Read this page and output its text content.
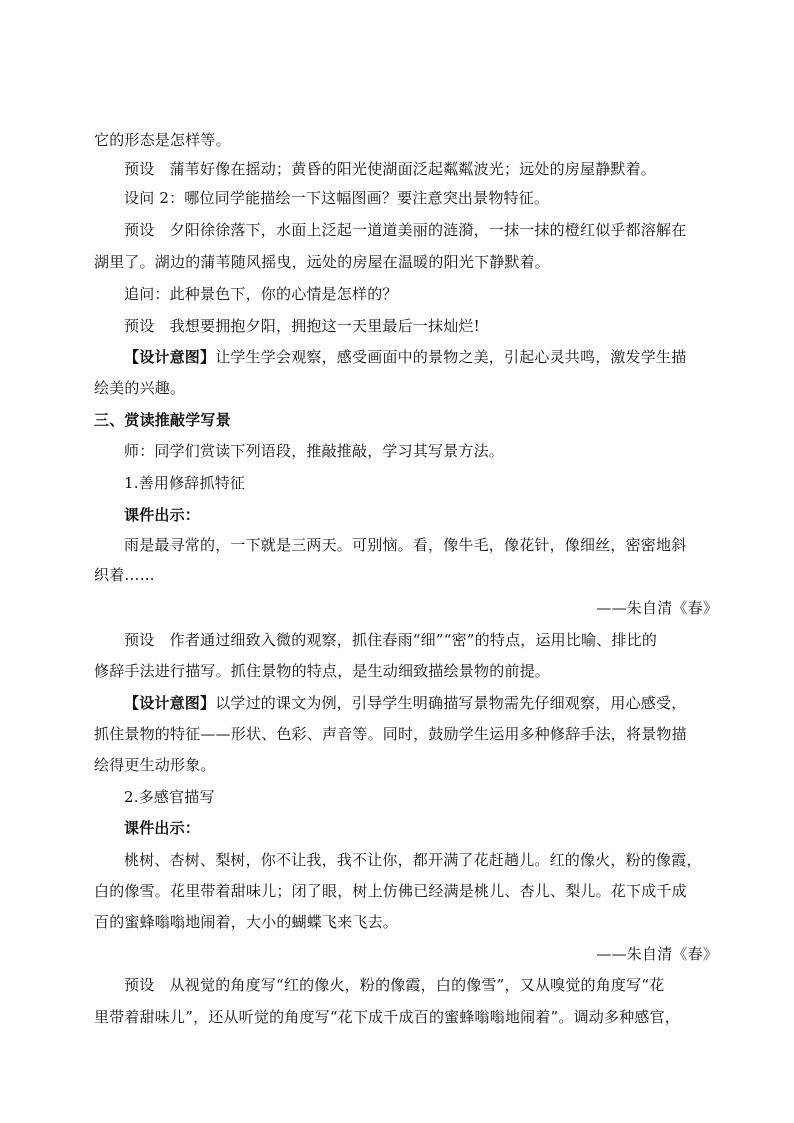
它的形态是怎样等。
预设　蒲苇好像在摇动；黄昏的阳光使湖面泛起粼粼波光；远处的房屋静默着。
设问 2：哪位同学能描绘一下这幅图画？要注意突出景物特征。
预设　夕阳徐徐落下，水面上泛起一道道美丽的涟漪，一抹一抹的橙红似乎都溶解在
湖里了。湖边的蒲苇随风摇曳，远处的房屋在温暖的阳光下静默着。
追问：此种景色下，你的心情是怎样的？
预设　我想要拥抱夕阳，拥抱这一天里最后一抹灿烂!
【设计意图】让学生学会观察，感受画面中的景物之美，引起心灵共鸣，激发学生描
绘美的兴趣。
三、赏读推敲学写景
师：同学们赏读下列语段，推敲推敲，学习其写景方法。
1.善用修辞抓特征
课件出示：
雨是最寻常的，一下就是三两天。可别恼。看，像牛毛，像花针，像细丝，密密地斜
织着……
——朱自清《春》
预设　作者通过细致入微的观察，抓住春雨“细”“密”的特点，运用比喻、排比的
修辞手法进行描写。抓住景物的特点，是生动细致描绘景物的前提。
【设计意图】以学过的课文为例，引导学生明确描写景物需先仔细观察，用心感受，
抓住景物的特征——形状、色彩、声音等。同时，鼓励学生运用多种修辞手法，将景物描
绘得更生动形象。
2.多感官描写
课件出示：
桃树、杏树、梨树，你不让我，我不让你，都开满了花赶趟儿。红的像火，粉的像霞，
白的像雪。花里带着甜味儿；闭了眼，树上仿佛已经满是桃儿、杏儿、梨儿。花下成千成
百的蜜蜂嗡嗡地闹着，大小的蝴蝶飞来飞去。
——朱自清《春》
预设　从视觉的角度写“红的像火，粉的像霞，白的像雪”，又从嗅觉的角度写“花
里带着甜味儿”，还从听觉的角度写“花下成千成百的蜜蜂嗡嗡地闹着”。调动多种感官，
